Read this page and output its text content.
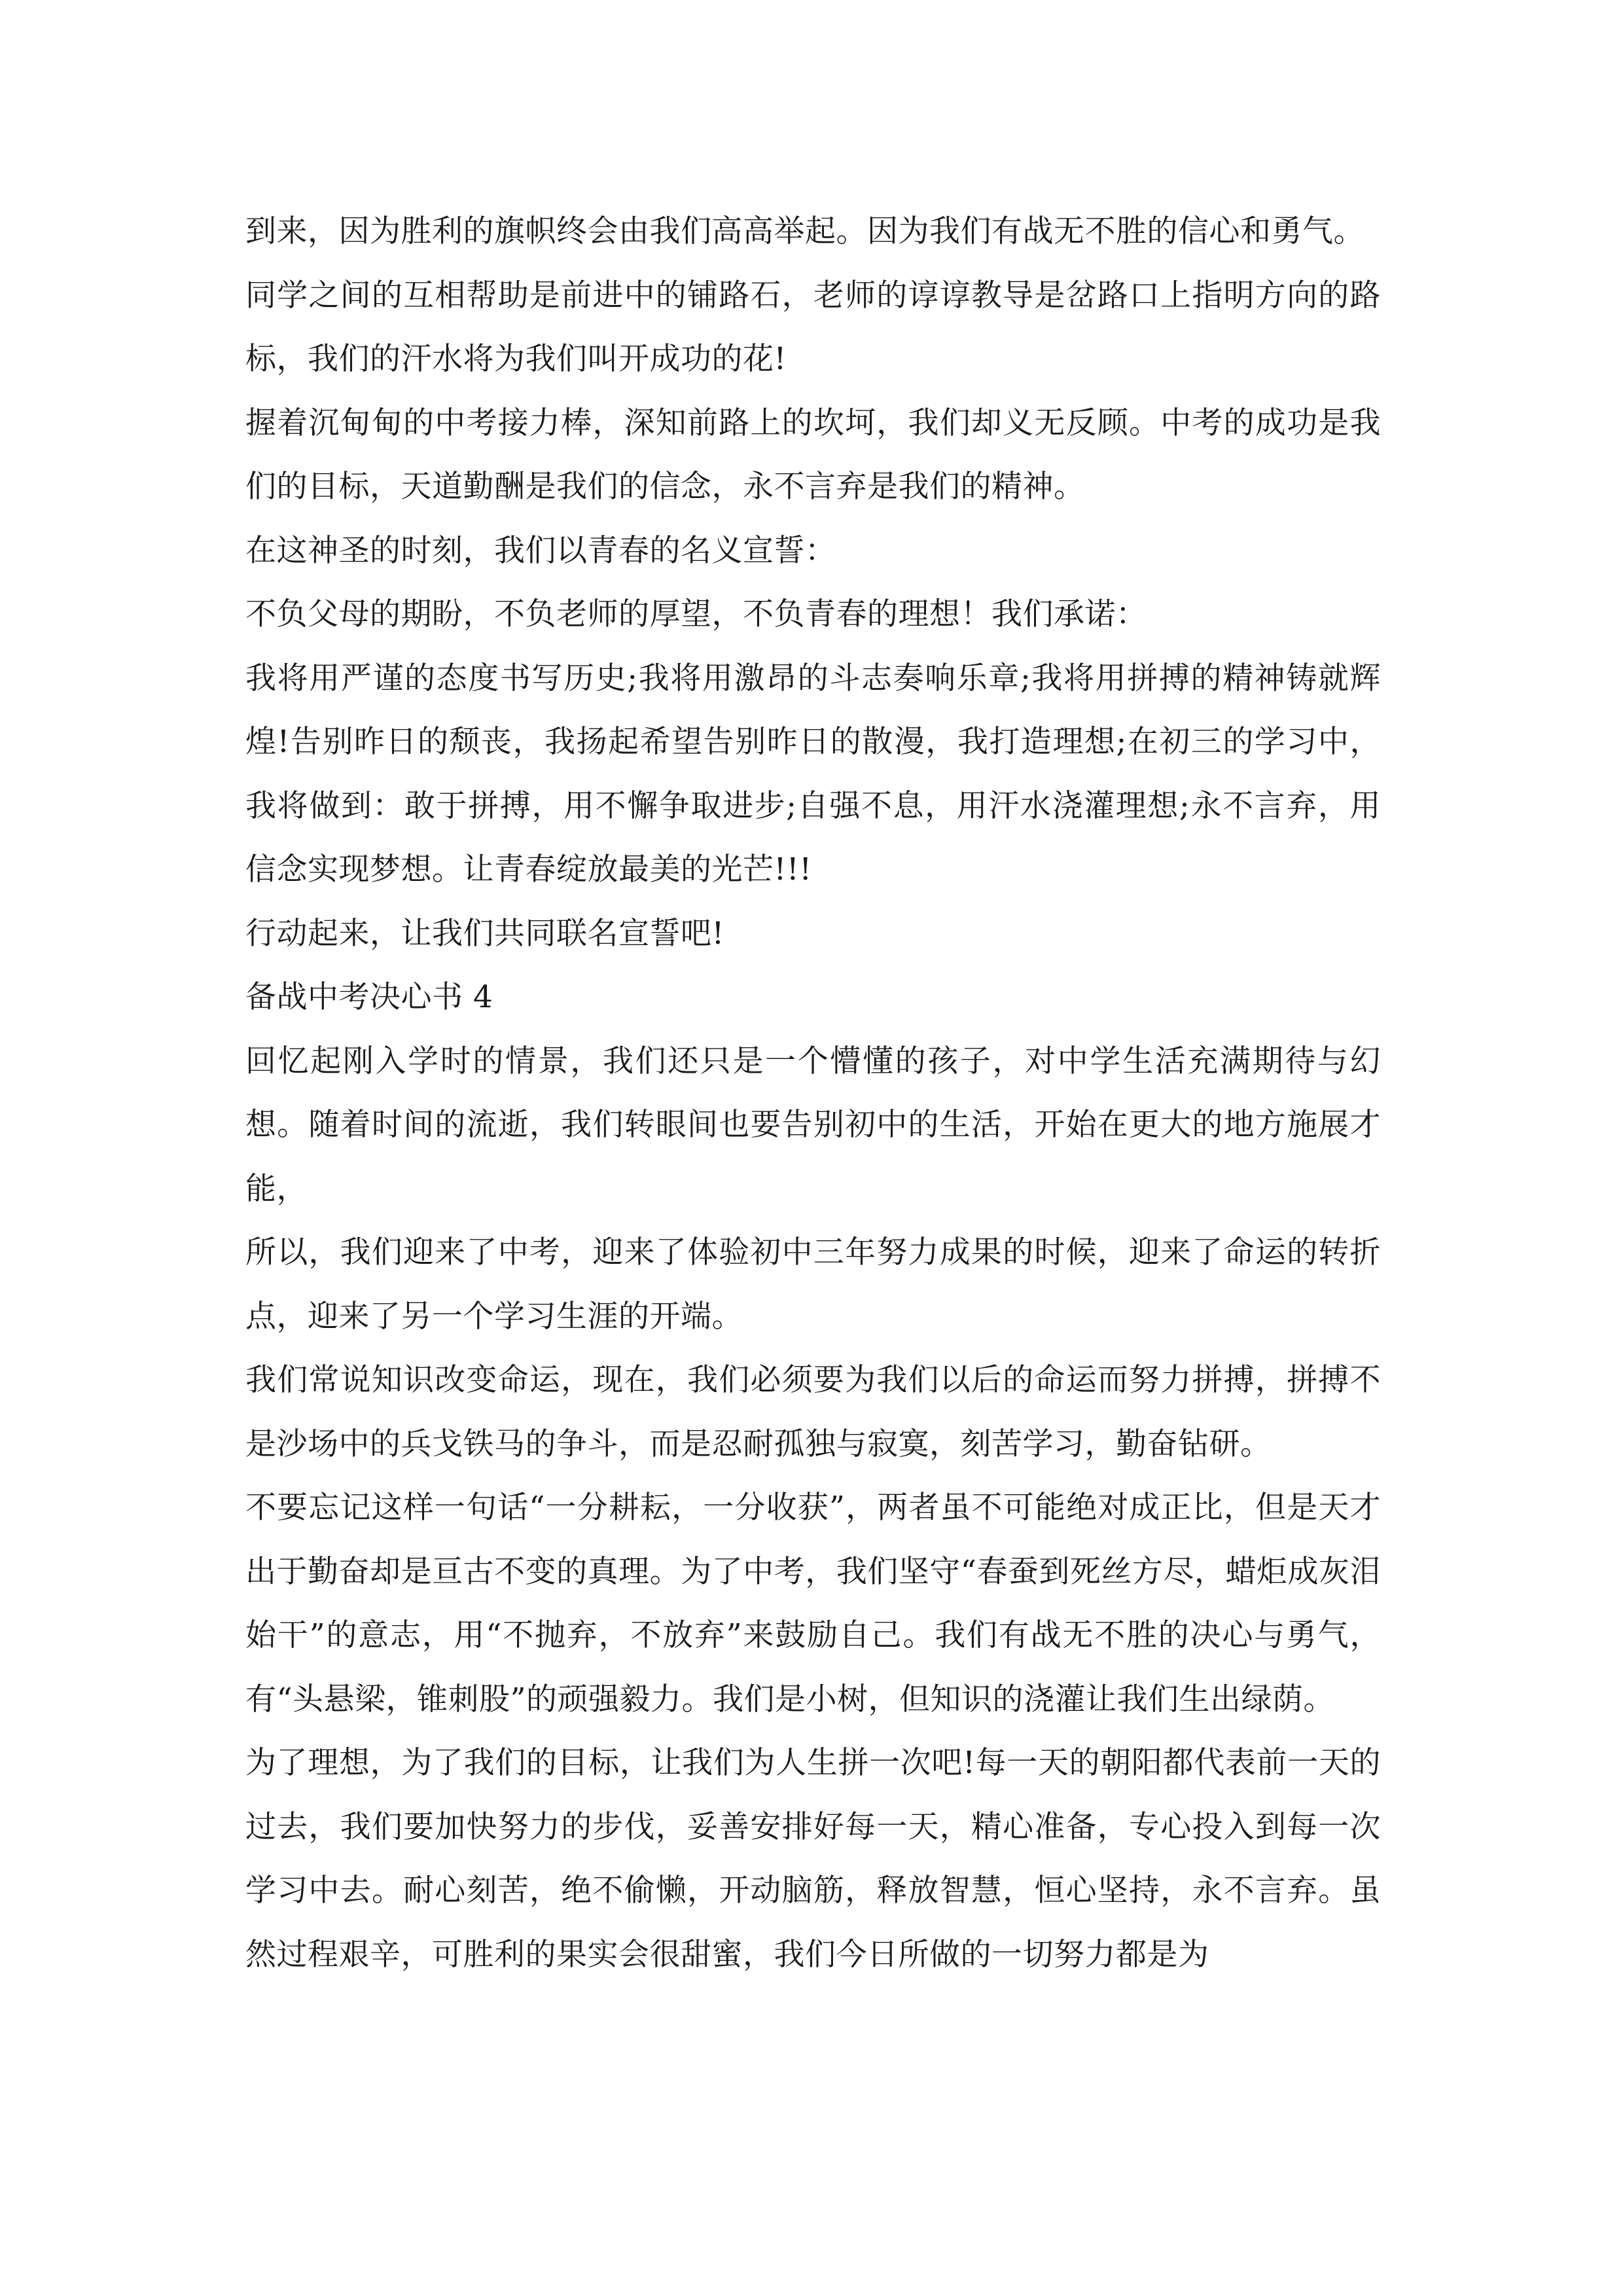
到来，因为胜利的旗帜终会由我们高高举起。因为我们有战无不胜的信心和勇气。

同学之间的互相帮助是前进中的铺路石，老师的谆谆教导是岔路口上指明方向的路标，我们的汗水将为我们叫开成功的花!

握着沉甸甸的中考接力棒，深知前路上的坎坷，我们却义无反顾。中考的成功是我们的目标，天道勤酬是我们的信念，永不言弃是我们的精神。

在这神圣的时刻，我们以青春的名义宣誓：

不负父母的期盼，不负老师的厚望，不负青春的理想！我们承诺：

我将用严谨的态度书写历史;我将用激昂的斗志奏响乐章;我将用拼搏的精神铸就辉煌!告别昨日的颓丧，我扬起希望告别昨日的散漫，我打造理想;在初三的学习中，我将做到：敢于拼搏，用不懈争取进步;自强不息，用汗水浇灌理想;永不言弃，用信念实现梦想。让青春绽放最美的光芒!!!

行动起来，让我们共同联名宣誓吧!

备战中考决心书 4

回忆起刚入学时的情景，我们还只是一个懵懂的孩子，对中学生活充满期待与幻想。随着时间的流逝，我们转眼间也要告别初中的生活，开始在更大的地方施展才能，

所以，我们迎来了中考，迎来了体验初中三年努力成果的时候，迎来了命运的转折点，迎来了另一个学习生涯的开端。

我们常说知识改变命运，现在，我们必须要为我们以后的命运而努力拼搏，拼搏不是沙场中的兵戈铁马的争斗，而是忍耐孤独与寂寞，刻苦学习，勤奋钻研。

不要忘记这样一句话“一分耕耘，一分收获”，两者虽不可能绝对成正比，但是天才出于勤奋却是亘古不变的真理。为了中考，我们坚守“春蚕到死丝方尽，蜡炬成灰泪始干”的意志，用“不抛弃，不放弃”来鼓励自己。我们有战无不胜的决心与勇气，有“头悬梁，锥刺股”的顽强毅力。我们是小树，但知识的浇灌让我们生出绿荫。

为了理想，为了我们的目标，让我们为人生拼一次吧!每一天的朝阳都代表前一天的过去，我们要加快努力的步伐，妥善安排好每一天，精心准备，专心投入到每一次学习中去。耐心刻苦，绝不偷懒，开动脑筋，释放智慧，恒心坚持，永不言弃。虽然过程艰辛，可胜利的果实会很甜蜜，我们今日所做的一切努力都是为
